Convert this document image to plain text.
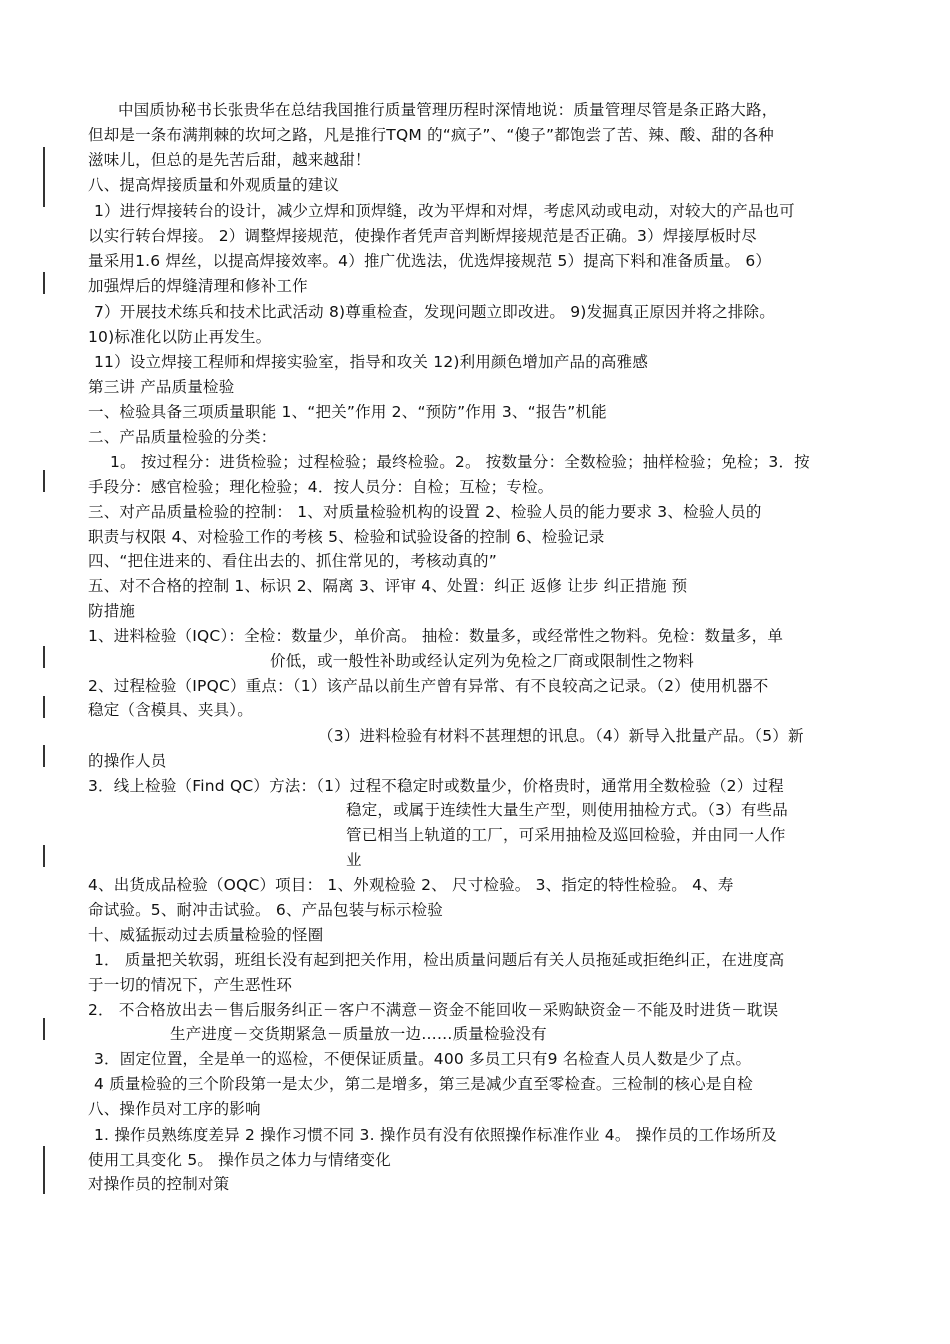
中国质协秘书长张贵华在总结我国推行质量管理历程时深情地说：质量管理尽管是条正路大路，
但却是一条布满荆棘的坎坷之路，凡是推行TQM 的“疯子”、“傻子”都饱尝了苦、辣、酸、甜的各种
滋味儿，但总的是先苦后甜，越来越甜！
八、提高焊接质量和外观质量的建议
1）进行焊接转台的设计，减少立焊和顶焊缝，改为平焊和对焊，考虑风动或电动，对较大的产品也可
以实行转台焊接。 2）调整焊接规范，使操作者凭声音判断焊接规范是否正确。3）焊接厚板时尽
量采用1.6 焊丝，以提高焊接效率。4）推广优选法，优选焊接规范 5）提高下料和准备质量。 6）
加强焊后的焊缝清理和修补工作
7）开展技术练兵和技术比武活动 8)尊重检查，发现问题立即改进。 9)发掘真正原因并将之排除。
10)标准化以防止再发生。
11）设立焊接工程师和焊接实验室，指导和攻关 12)利用颜色增加产品的高雅感
第三讲 产品质量检验
一、检验具备三项质量职能 1、“把关”作用 2、“预防”作用 3、“报告”机能
二、产品质量检验的分类：
1。 按过程分：进货检验；过程检验；最终检验。2。 按数量分：全数检验；抽样检验；免检；3．按
手段分：感官检验；理化检验；4．按人员分：自检；互检；专检。
三、对产品质量检验的控制： 1、对质量检验机构的设置 2、检验人员的能力要求 3、检验人员的
职责与权限 4、对检验工作的考核 5、检验和试验设备的控制 6、检验记录
四、“把住进来的、看住出去的、抓住常见的，考核动真的”
五、对不合格的控制 1、标识 2、隔离 3、评审 4、处置：纠正 返修 让步 纠正措施 预
防措施
1、进料检验（IQC）：全检：数量少，单价高。 抽检：数量多，或经常性之物料。免检：数量多，单
价低，或一般性补助或经认定列为免检之厂商或限制性之物料
2、过程检验（IPQC）重点：（1）该产品以前生产曾有异常、有不良较高之记录。（2）使用机器不
稳定（含模具、夹具）。
（3）进料检验有材料不甚理想的讯息。（4）新导入批量产品。（5）新
的操作人员
3．线上检验（Find QC）方法：（1）过程不稳定时或数量少，价格贵时，通常用全数检验（2）过程
稳定，或属于连续性大量生产型，则使用抽检方式。（3）有些品
管已相当上轨道的工厂，可采用抽检及巡回检验，并由同一人作
业
4、出货成品检验（OQC）项目： 1、外观检验 2、 尺寸检验。 3、指定的特性检验。 4、寿
命试验。5、耐冲击试验。 6、产品包装与标示检验
十、威猛振动过去质量检验的怪圈
1． 质量把关软弱，班组长没有起到把关作用，检出质量问题后有关人员拖延或拒绝纠正，在进度高
于一切的情况下，产生恶性环
2． 不合格放出去－售后服务纠正－客户不满意－资金不能回收－采购缺资金－不能及时进货－耽误
生产进度－交货期紧急－质量放一边……质量检验没有
3．固定位置，全是单一的巡检，不便保证质量。400 多员工只有9 名检查人员人数是少了点。
4 质量检验的三个阶段第一是太少，第二是增多，第三是减少直至零检查。三检制的核心是自检
八、操作员对工序的影响
1. 操作员熟练度差异 2 操作习惯不同 3. 操作员有没有依照操作标准作业 4。 操作员的工作场所及
使用工具变化 5。 操作员之体力与情绪变化
对操作员的控制对策
